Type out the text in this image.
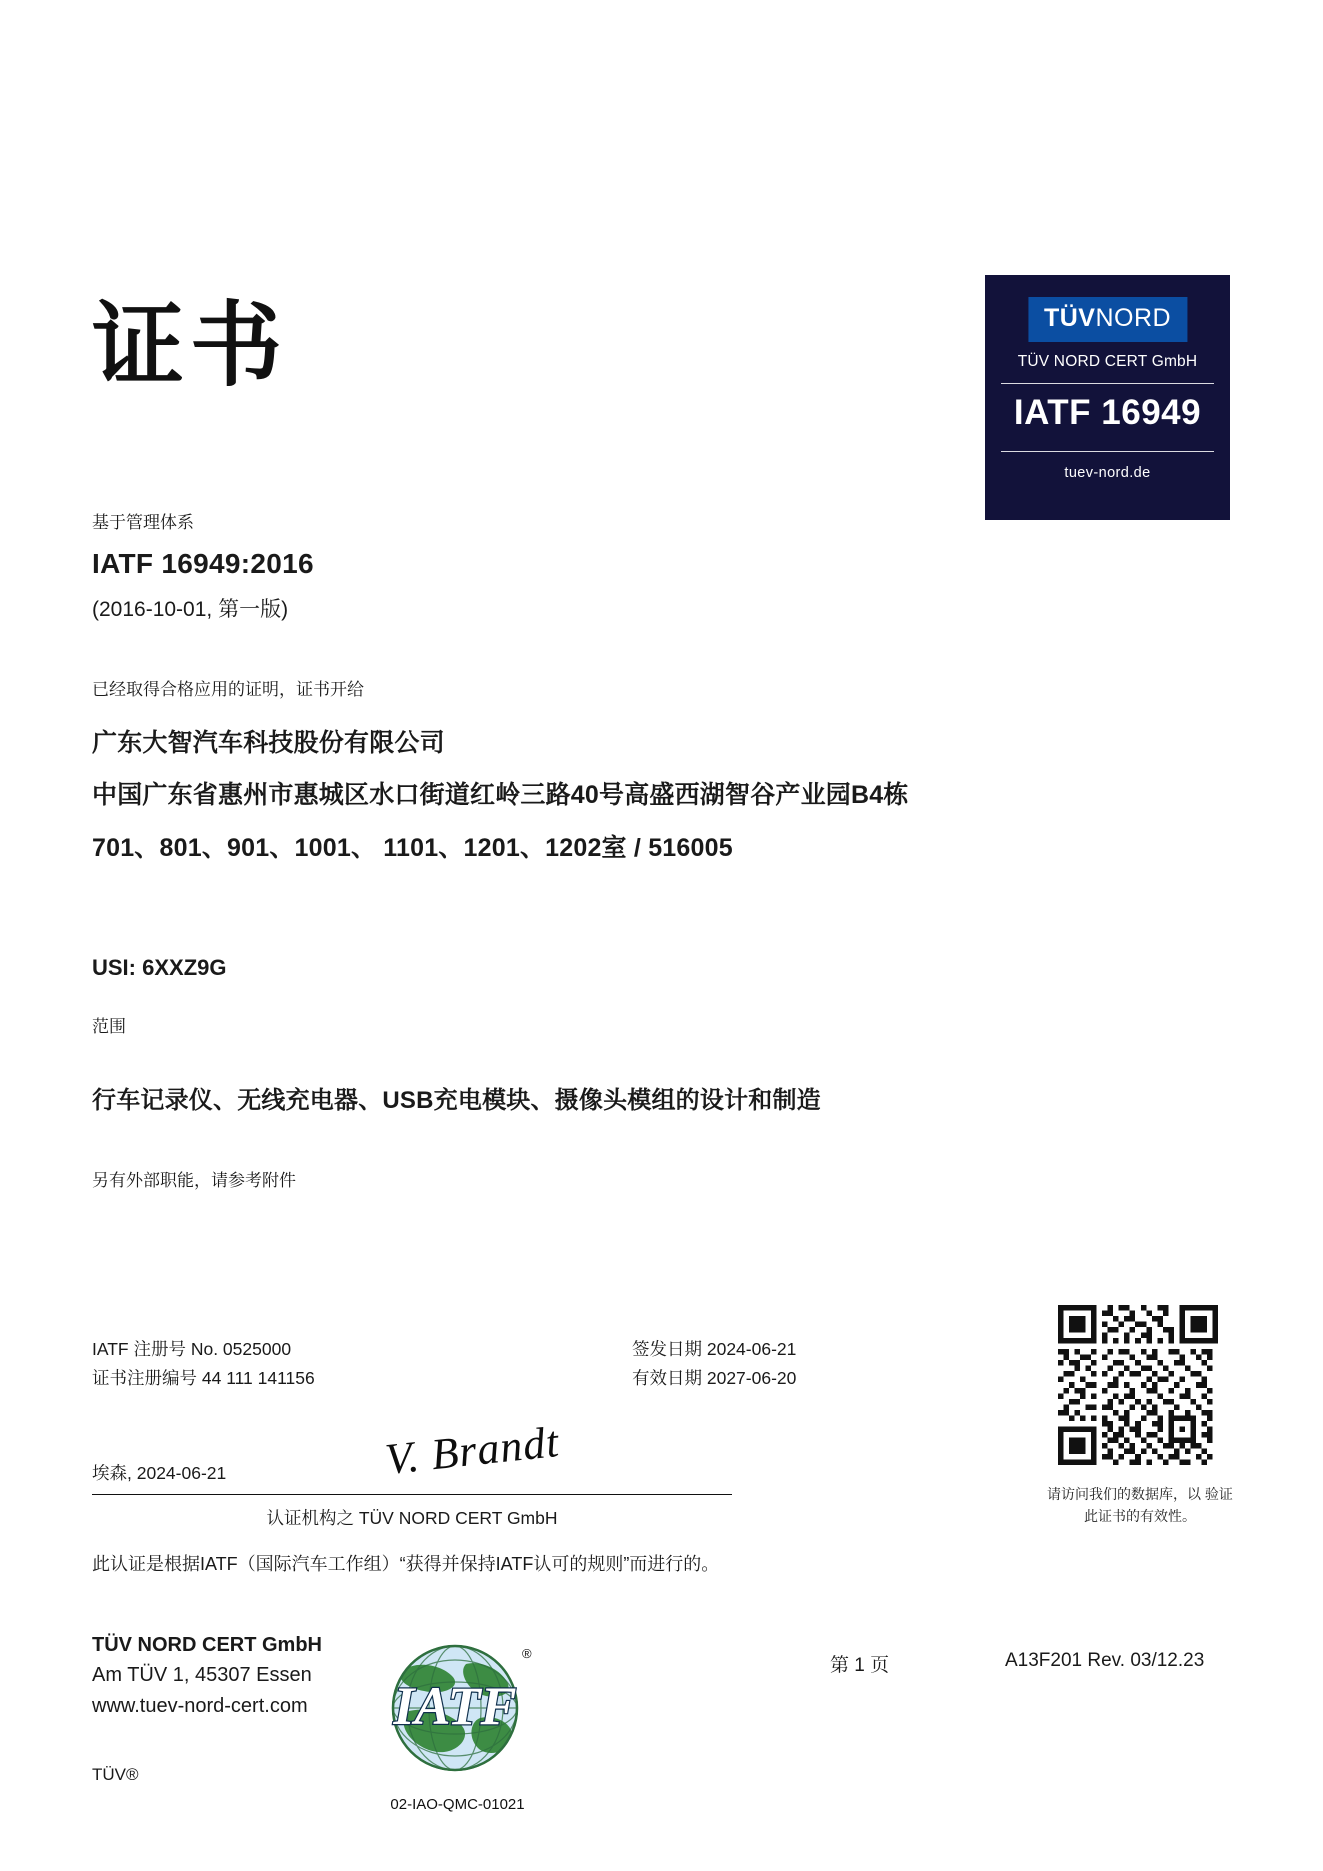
证书	TÜVNORD
TÜV NORD CERT GmbH
IATF 16949
tuev-nord.de
基于管理体系
IATF 16949:2016
(2016-10-01, 第一版)
已经取得合格应用的证明，证书开给
广东大智汽车科技股份有限公司
中国广东省惠州市惠城区水口街道红岭三路40号高盛西湖智谷产业园B4栋
701、801、901、1001、 1101、1201、1202室 / 516005
USI: 6XXZ9G
范围
行车记录仪、无线充电器、USB充电模块、摄像头模组的设计和制造
另有外部职能，请参考附件
IATF 注册号 No. 0525000
证书注册编号 44 111 141156
签发日期 2024-06-21
有效日期 2027-06-20
埃森, 2024-06-21	V. Brandt
认证机构之 TÜV NORD CERT GmbH
此认证是根据IATF（国际汽车工作组）“获得并保持IATF认可的规则”而进行的。
请访问我们的数据库，以 验证此证书的有效性。
TÜV NORD CERT GmbH
Am TÜV 1, 45307 Essen
www.tuev-nord-cert.com
TÜV®
IATF
®
02-IAO-QMC-01021
第 1 页	A13F201 Rev. 03/12.23
